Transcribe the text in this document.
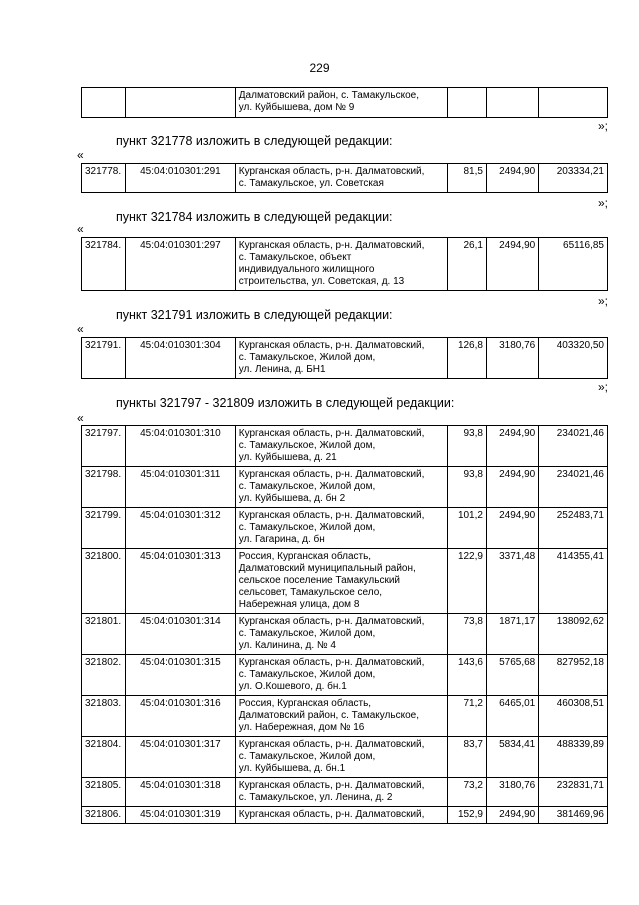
229
		Далматовский район, с. Тамакульское,
ул. Куйбышева, дом № 9			
»;
пункт 321778 изложить в следующей редакции:
«
321778.	45:04:010301:291	Курганская область, р-н. Далматовский,
с. Тамакульское, ул. Советская	81,5	2494,90	203334,21
»;
пункт 321784 изложить в следующей редакции:
«
321784.	45:04:010301:297	Курганская область, р-н. Далматовский,
с. Тамакульское, объект
индивидуального жилищного
строительства, ул. Советская, д. 13	26,1	2494,90	65116,85
»;
пункт 321791 изложить в следующей редакции:
«
321791.	45:04:010301:304	Курганская область, р-н. Далматовский,
с. Тамакульское, Жилой дом,
ул. Ленина, д. БН1	126,8	3180,76	403320,50
»;
пункты 321797 - 321809 изложить в следующей редакции:
«
321797.	45:04:010301:310	Курганская область, р-н. Далматовский,
с. Тамакульское, Жилой дом,
ул. Куйбышева, д. 21	93,8	2494,90	234021,46
321798.	45:04:010301:311	Курганская область, р-н. Далматовский,
с. Тамакульское, Жилой дом,
ул. Куйбышева, д. бн 2	93,8	2494,90	234021,46
321799.	45:04:010301:312	Курганская область, р-н. Далматовский,
с. Тамакульское, Жилой дом,
ул. Гагарина, д. бн	101,2	2494,90	252483,71
321800.	45:04:010301:313	Россия, Курганская область,
Далматовский муниципальный район,
сельское поселение Тамакульский
сельсовет, Тамакульское село,
Набережная улица, дом 8	122,9	3371,48	414355,41
321801.	45:04:010301:314	Курганская область, р-н. Далматовский,
с. Тамакульское, Жилой дом,
ул. Калинина, д. № 4	73,8	1871,17	138092,62
321802.	45:04:010301:315	Курганская область, р-н. Далматовский,
с. Тамакульское, Жилой дом,
ул. О.Кошевого, д. бн.1	143,6	5765,68	827952,18
321803.	45:04:010301:316	Россия, Курганская область,
Далматовский район, с. Тамакульское,
ул. Набережная, дом № 16	71,2	6465,01	460308,51
321804.	45:04:010301:317	Курганская область, р-н. Далматовский,
с. Тамакульское, Жилой дом,
ул. Куйбышева, д. бн.1	83,7	5834,41	488339,89
321805.	45:04:010301:318	Курганская область, р-н. Далматовский,
с. Тамакульское, ул. Ленина, д. 2	73,2	3180,76	232831,71
321806.	45:04:010301:319	Курганская область, р-н. Далматовский,	152,9	2494,90	381469,96
